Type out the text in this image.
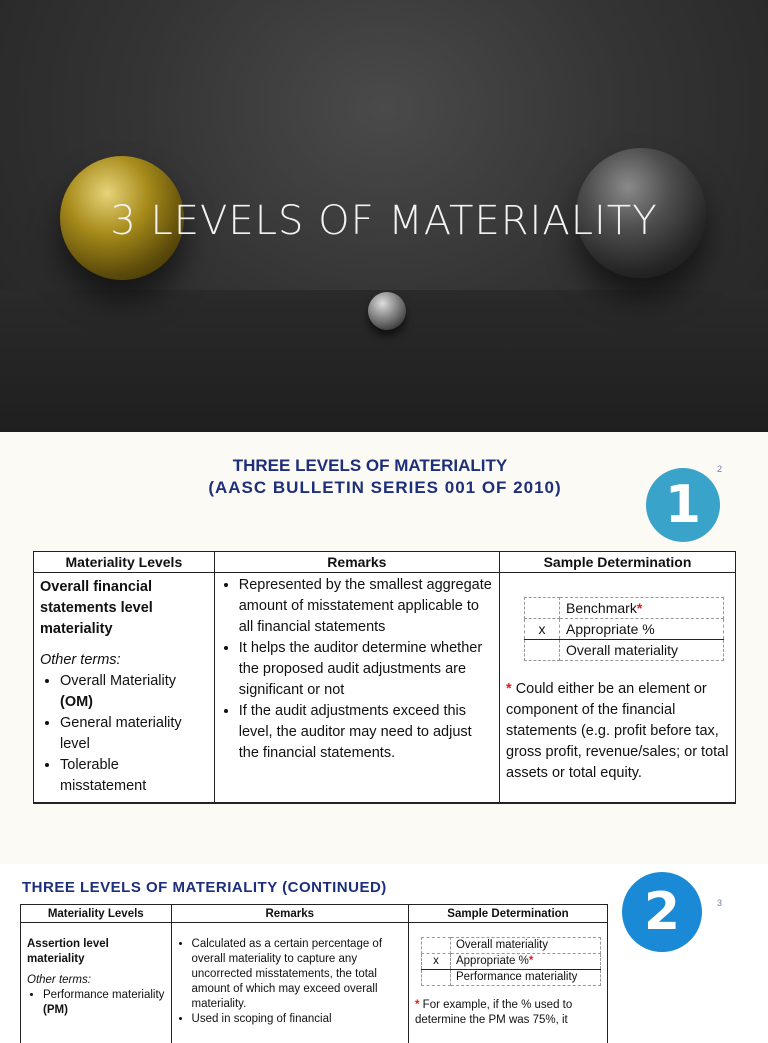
3 LEVELS OF MATERIALITY
THREE LEVELS OF MATERIALITY
(AASC BULLETIN SERIES 001 OF 2010)	1
2
Materiality Levels	Remarks	Sample Determination

Overall financial statements level materiality
Other terms:
• Overall Materiality (OM)
• General materiality level
• Tolerable misstatement

• Represented by the smallest aggregate amount of misstatement applicable to all financial statements
• It helps the auditor determine whether the proposed audit adjustments are significant or not
• If the audit adjustments exceed this level, the auditor may need to adjust the financial statements.

	Benchmark*
x	Appropriate %
	Overall materiality
* Could either be an element or component of the financial statements (e.g. profit before tax, gross profit, revenue/sales; or total assets or total equity.
THREE LEVELS OF MATERIALITY (CONTINUED)	2	3
Materiality Levels	Remarks	Sample Determination

Assertion level materiality
Other terms:
• Performance materiality (PM)

• Calculated as a certain percentage of overall materiality to capture any uncorrected misstatements, the total amount of which may exceed overall materiality.
• Used in scoping of financial

	Overall materiality
x	Appropriate %*
	Performance materiality
* For example, if the % used to determine the PM was 75%, it
